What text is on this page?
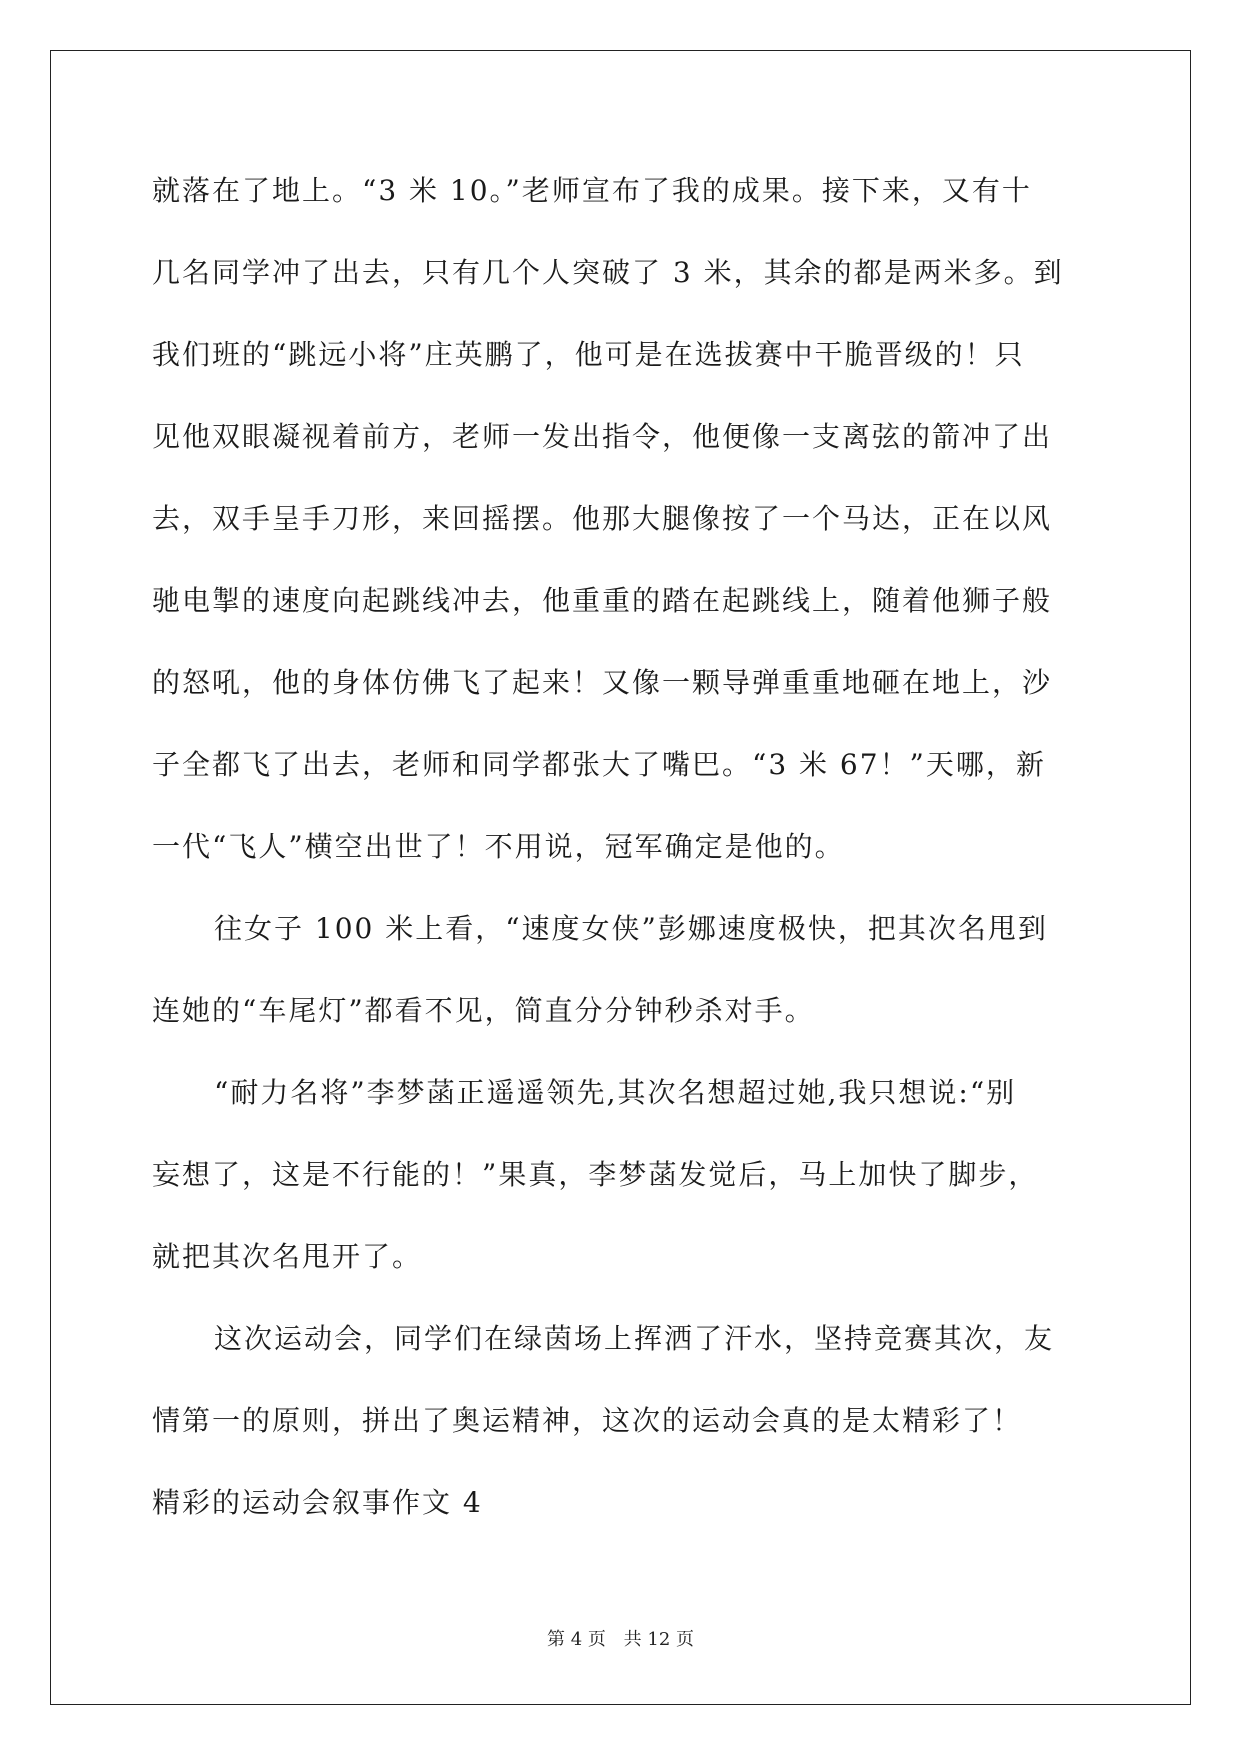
就落在了地上。“3 米 10。”老师宣布了我的成果。接下来，又有十
几名同学冲了出去，只有几个人突破了 3 米，其余的都是两米多。到
我们班的“跳远小将”庄英鹏了，他可是在选拔赛中干脆晋级的！只
见他双眼凝视着前方，老师一发出指令，他便像一支离弦的箭冲了出
去，双手呈手刀形，来回摇摆。他那大腿像按了一个马达，正在以风
驰电掣的速度向起跳线冲去，他重重的踏在起跳线上，随着他狮子般
的怒吼，他的身体仿佛飞了起来！又像一颗导弹重重地砸在地上，沙
子全都飞了出去，老师和同学都张大了嘴巴。“3 米 67！”天哪，新
一代“飞人”横空出世了！不用说，冠军确定是他的。

往女子 100 米上看，“速度女侠”彭娜速度极快，把其次名甩到
连她的“车尾灯”都看不见，简直分分钟秒杀对手。

“耐力名将”李梦菡正遥遥领先,其次名想超过她,我只想说:“别
妄想了，这是不行能的！”果真，李梦菡发觉后，马上加快了脚步，
就把其次名甩开了。

这次运动会，同学们在绿茵场上挥洒了汗水，坚持竞赛其次，友
情第一的原则，拼出了奥运精神，这次的运动会真的是太精彩了！

精彩的运动会叙事作文 4
第 4 页 共 12 页
